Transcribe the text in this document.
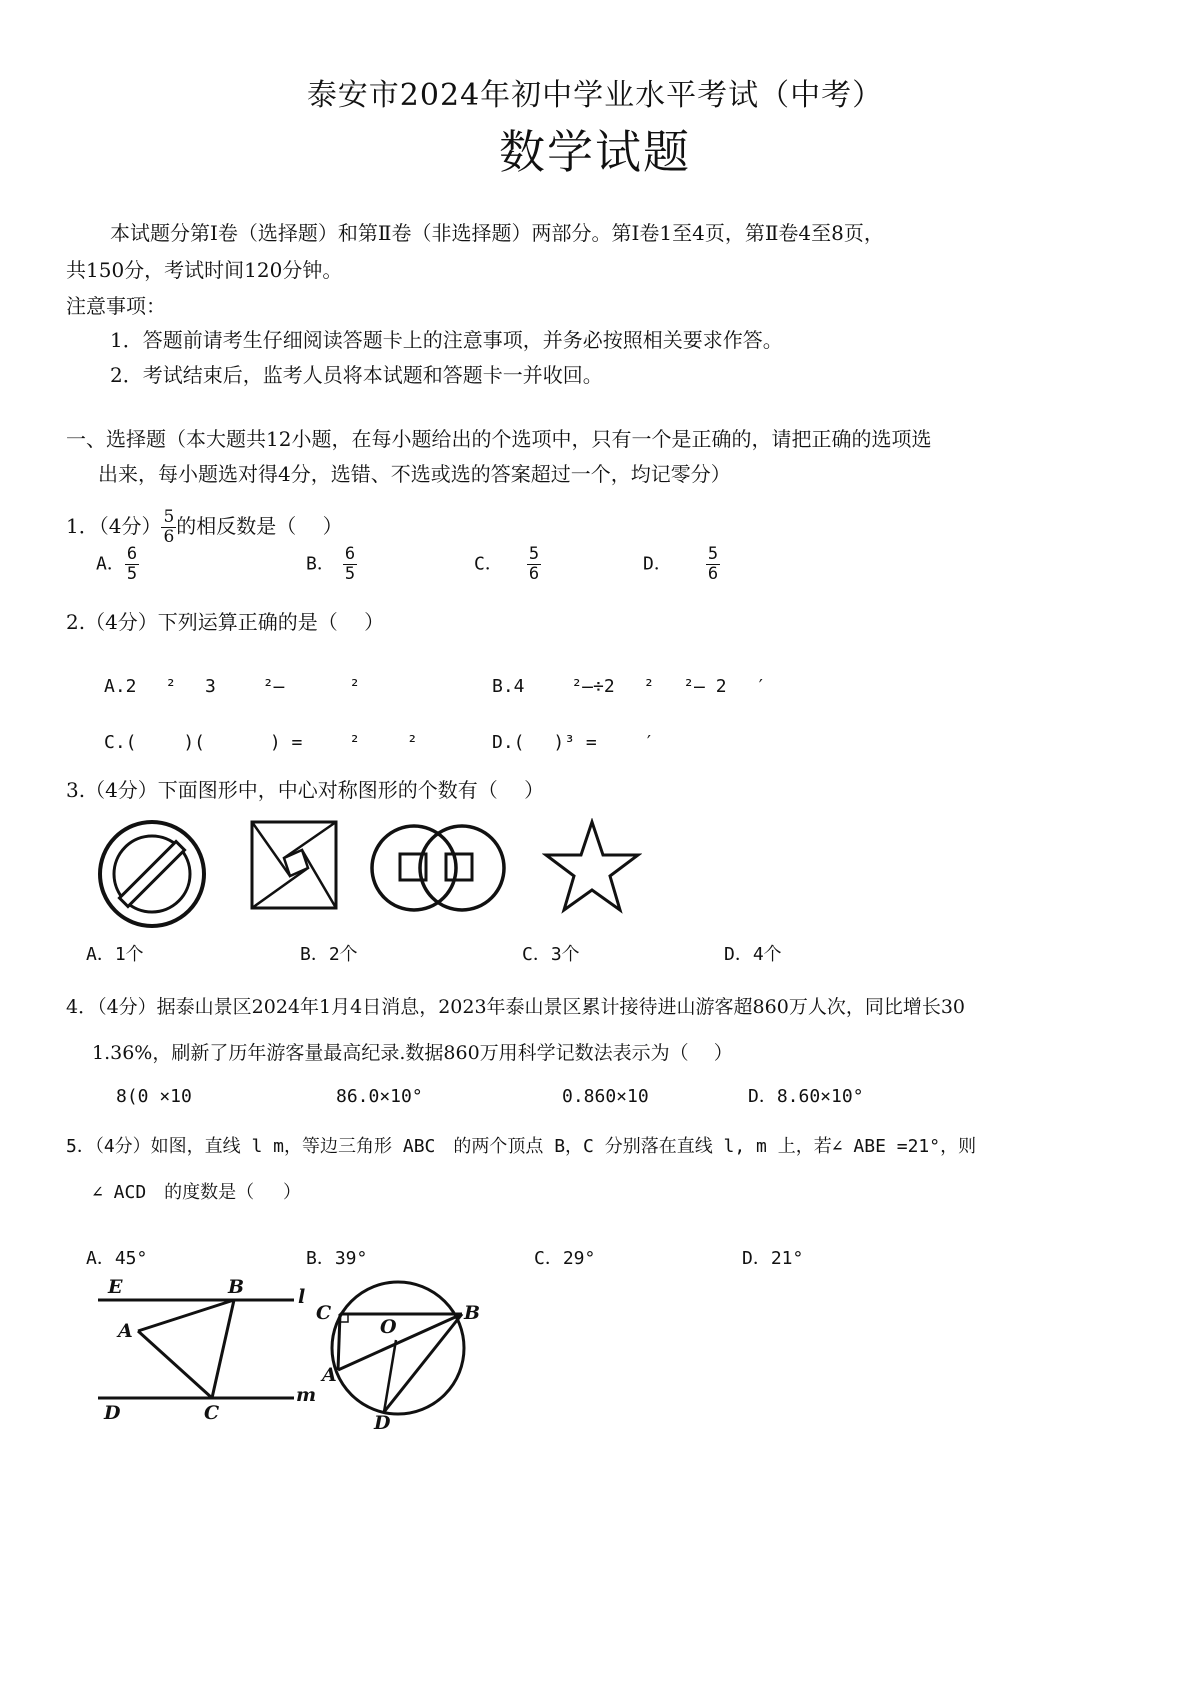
泰安市2024年初中学业水平考试（中考）
数学试题
本试题分第Ⅰ卷（选择题）和第Ⅱ卷（非选择题）两部分。第Ⅰ卷1至4页，第Ⅱ卷4至8页，
共150分，考试时间120分钟。
注意事项：
1．答题前请考生仔细阅读答题卡上的注意事项，并务必按照相关要求作答。
2．考试结束后，监考人员将本试题和答题卡一并收回。
一、选择题（本大题共12小题，在每小题给出的个选项中，只有一个是正确的，请把正确的选项选
出来，每小题选对得4分，选错、不选或选的答案超过一个，均记零分）
1．（4分） $\frac{5}{6}$ 的相反数是（　 ）
A． $\frac{6}{5}$	B． $\frac{6}{5}$	C． $\frac{5}{6}$	D． $\frac{5}{6}$
2.（4分）下列运算正确的是（　 ）
A.2　 ²　 3　　 ²̶　　　 ²	B.4　　 ²̶÷2　 ²　 ²̶ 2　 ′
C.(　　 )(　　　 ) =　　 ²　　 ²	D.(　 )³ =　　 ′
3.（4分）下面图形中，中心对称图形的个数有（　 ）
A．1个	B．2个	C．3个	D．4个
4．（4分）据泰山景区2024年1月4日消息，2023年泰山景区累计接待进山游客超860万人次，同比增长30
1.36%，刷新了历年游客量最高纪录.数据860万用科学记数法表示为（　 ）
8(0 ×10	86.0×10°	0.860×10	D．8.60×10°
5．（4分）如图，直线 l m，等边三角形 ABC　的两个顶点 B，C 分别落在直线 l, m 上，若∠ ABE =21°，则
∠ ACD　的度数是（　 ）
A．45°	B．39°	C．29°	D．21°
E	B	l
A
D	C
m
C
O
B
A
D
